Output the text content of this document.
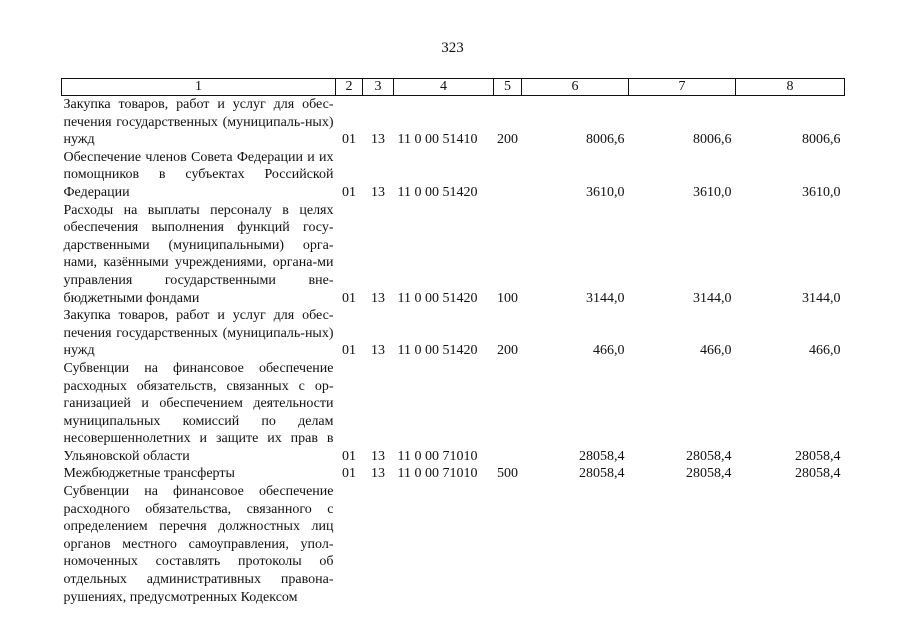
323
1	2	3	4	5	6	7	8
Закупка товаров, работ и услуг для обес-печения государственных (муниципаль-ных) нужд	01	13	11 0 00 51410	200	8006,6	8006,6	8006,6
Обеспечение членов Совета Федерации и их помощников в субъектах Российской Федерации	01	13	11 0 00 51420		3610,0	3610,0	3610,0
Расходы на выплаты персоналу в целях обеспечения выполнения функций госу-дарственными (муниципальными) орга-нами, казёнными учреждениями, органа-ми управления государственными вне-бюджетными фондами	01	13	11 0 00 51420	100	3144,0	3144,0	3144,0
Закупка товаров, работ и услуг для обес-печения государственных (муниципаль-ных) нужд	01	13	11 0 00 51420	200	466,0	466,0	466,0
Субвенции на финансовое обеспечение расходных обязательств, связанных с ор-ганизацией и обеспечением деятельности муниципальных комиссий по делам несовершеннолетних и защите их прав в Ульяновской области	01	13	11 0 00 71010		28058,4	28058,4	28058,4
Межбюджетные трансферты	01	13	11 0 00 71010	500	28058,4	28058,4	28058,4
Субвенции на финансовое обеспечение расходного обязательства, связанного с определением перечня должностных лиц органов местного самоуправления, упол-номоченных составлять протоколы об отдельных административных правона-рушениях, предусмотренных Кодексом							
